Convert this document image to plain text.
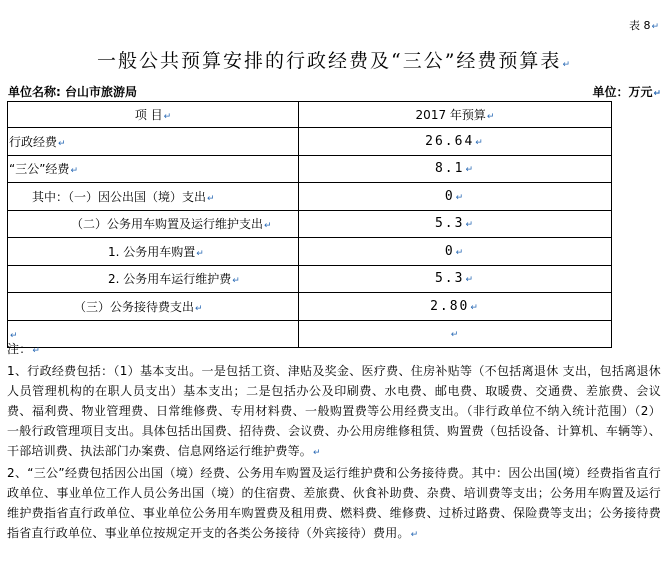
表 8↵
一般公共预算安排的行政经费及“三公”经费预算表↵
单位名称: 台山市旅游局	单位：万元↵
项 目↵	2017 年预算↵
行政经费↵	26.64↵
“三公”经费↵	8.1↵
其中：（一）因公出国（境）支出↵	0↵
（二）公务用车购置及运行维护支出↵	5.3↵
1. 公务用车购置↵	0↵
2. 公务用车运行维护费↵	5.3↵
（三）公务接待费支出↵	2.80↵
↵	↵

注：↵

1、行政经费包括：（1）基本支出。一是包括工资、津贴及奖金、医疗费、住房补贴等（不包括离退休 支出，包括离退休人员管理机构的在职人员支出）基本支出；二是包括办公及印刷费、水电费、邮电费、取暖费、交通费、差旅费、会议费、福利费、物业管理费、日常维修费、专用材料费、一般购置费等公用经费支出。（非行政单位不纳入统计范围）（2）一般行政管理项目支出。具体包括出国费、招待费、会议费、办公用房维修租赁、购置费（包括设备、计算机、车辆等）、干部培训费、执法部门办案费、信息网络运行维护费等。↵

2、“三公”经费包括因公出国（境）经费、公务用车购置及运行维护费和公务接待费。其中：因公出国(境）经费指省直行政单位、事业单位工作人员公务出国（境）的住宿费、差旅费、伙食补助费、杂费、培训费等支出；公务用车购置及运行维护费指省直行政单位、事业单位公务用车购置费及租用费、燃料费、维修费、过桥过路费、保险费等支出；公务接待费指省直行政单位、事业单位按规定开支的各类公务接待（外宾接待）费用。↵
